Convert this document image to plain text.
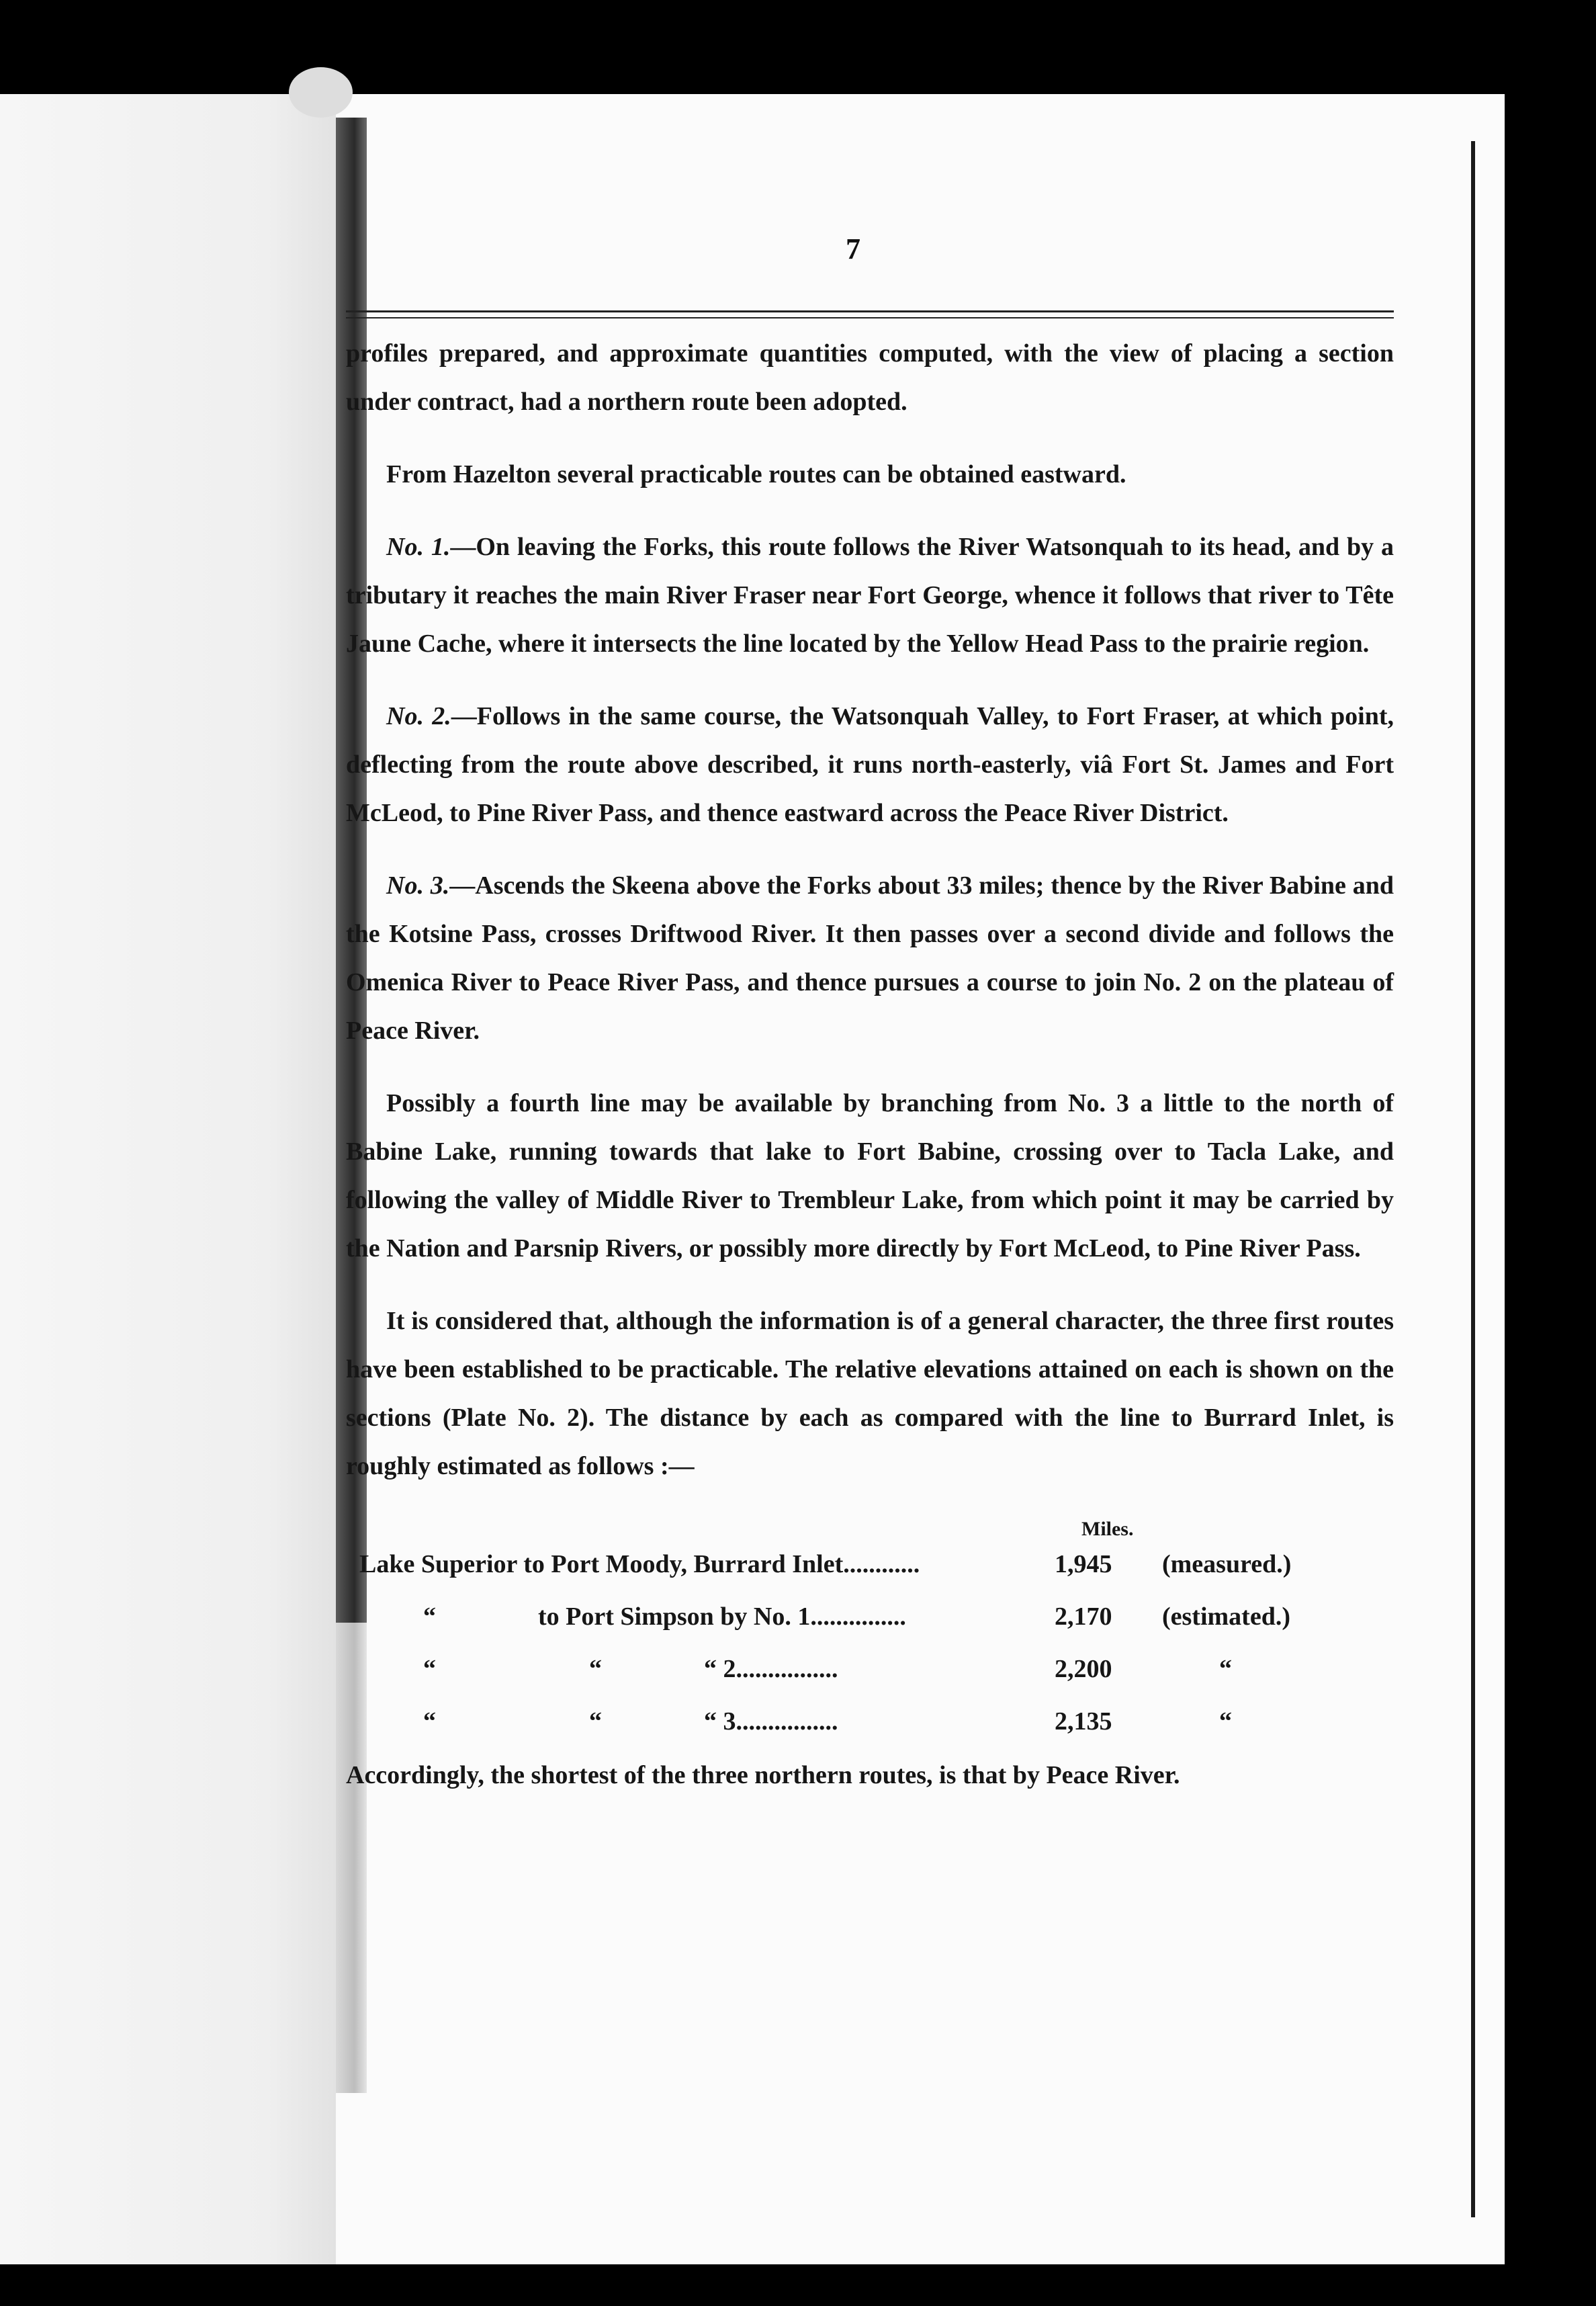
7

profiles prepared, and approximate quantities computed, with the view of placing a section under contract, had a northern route been adopted.

From Hazelton several practicable routes can be obtained eastward.

No. 1.—On leaving the Forks, this route follows the River Watsonquah to its head, and by a tributary it reaches the main River Fraser near Fort George, whence it follows that river to Tête Jaune Cache, where it intersects the line located by the Yellow Head Pass to the prairie region.

No. 2.—Follows in the same course, the Watsonquah Valley, to Fort Fraser, at which point, deflecting from the route above described, it runs north-easterly, viâ Fort St. James and Fort McLeod, to Pine River Pass, and thence eastward across the Peace River District.

No. 3.—Ascends the Skeena above the Forks about 33 miles; thence by the River Babine and the Kotsine Pass, crosses Driftwood River. It then passes over a second divide and follows the Omenica River to Peace River Pass, and thence pursues a course to join No. 2 on the plateau of Peace River.

Possibly a fourth line may be available by branching from No. 3 a little to the north of Babine Lake, running towards that lake to Fort Babine, crossing over to Tacla Lake, and following the valley of Middle River to Trembleur Lake, from which point it may be carried by the Nation and Parsnip Rivers, or possibly more directly by Fort McLeod, to Pine River Pass.

It is considered that, although the information is of a general character, the three first routes have been established to be practicable. The relative elevations attained on each is shown on the sections (Plate No. 2). The distance by each as compared with the line to Burrard Inlet, is roughly estimated as follows :—

Miles.
Lake Superior to Port Moody, Burrard Inlet............	1,945	(measured.)
“                to Port Simpson by No. 1...............	2,170	(estimated.)
“                        “                “ 2................	2,200	“
“                        “                “ 3................	2,135	“

Accordingly, the shortest of the three northern routes, is that by Peace River.
